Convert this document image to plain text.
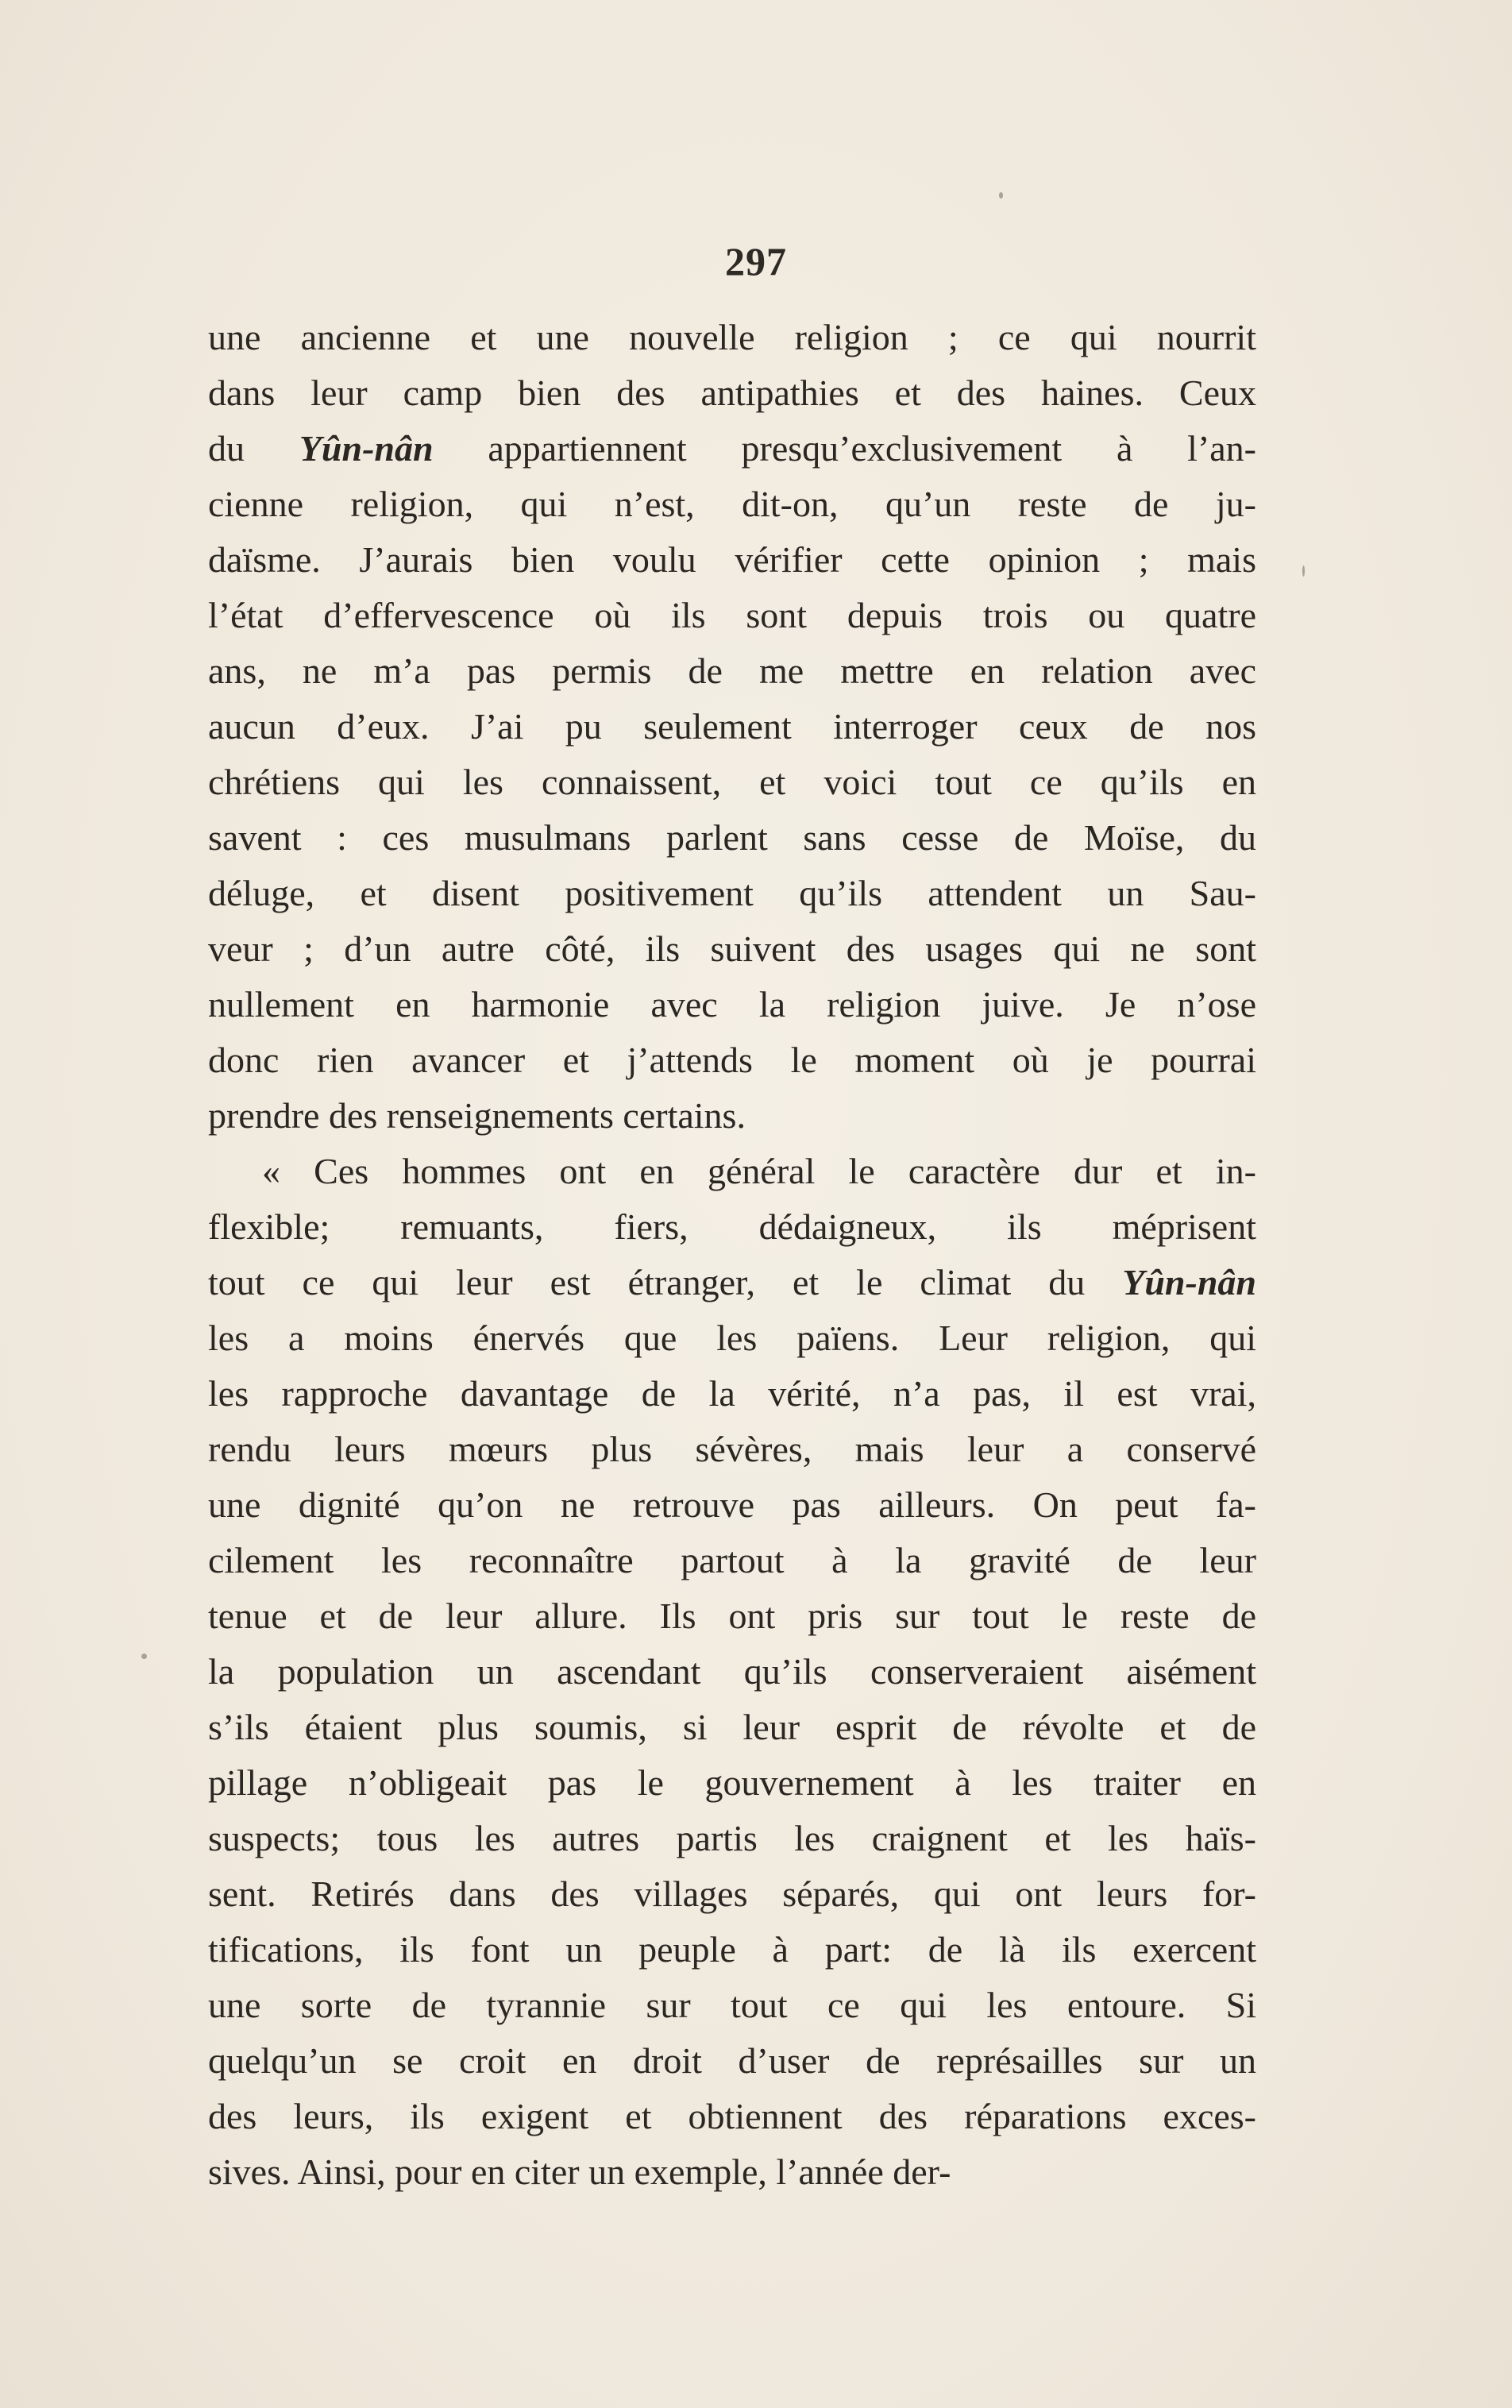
297
une ancienne et une nouvelle religion ; ce qui nourrit
dans leur camp bien des antipathies et des haines. Ceux
du Yûn-nân appartiennent presqu’exclusivement à l’an-
cienne religion, qui n’est, dit-on, qu’un reste de ju-
daïsme. J’aurais bien voulu vérifier cette opinion ; mais
l’état d’effervescence où ils sont depuis trois ou quatre
ans, ne m’a pas permis de me mettre en relation avec
aucun d’eux. J’ai pu seulement interroger ceux de nos
chrétiens qui les connaissent, et voici tout ce qu’ils en
savent : ces musulmans parlent sans cesse de Moïse, du
déluge, et disent positivement qu’ils attendent un Sau-
veur ; d’un autre côté, ils suivent des usages qui ne sont
nullement en harmonie avec la religion juive. Je n’ose
donc rien avancer et j’attends le moment où je pourrai
prendre des renseignements certains.
« Ces hommes ont en général le caractère dur et in-
flexible; remuants, fiers, dédaigneux, ils méprisent
tout ce qui leur est étranger, et le climat du Yûn-nân
les a moins énervés que les païens. Leur religion, qui
les rapproche davantage de la vérité, n’a pas, il est vrai,
rendu leurs mœurs plus sévères, mais leur a conservé
une dignité qu’on ne retrouve pas ailleurs. On peut fa-
cilement les reconnaître partout à la gravité de leur
tenue et de leur allure. Ils ont pris sur tout le reste de
la population un ascendant qu’ils conserveraient aisément
s’ils étaient plus soumis, si leur esprit de révolte et de
pillage n’obligeait pas le gouvernement à les traiter en
suspects; tous les autres partis les craignent et les haïs-
sent. Retirés dans des villages séparés, qui ont leurs for-
tifications, ils font un peuple à part: de là ils exercent
une sorte de tyrannie sur tout ce qui les entoure. Si
quelqu’un se croit en droit d’user de représailles sur un
des leurs, ils exigent et obtiennent des réparations exces-
sives. Ainsi, pour en citer un exemple, l’année der-
